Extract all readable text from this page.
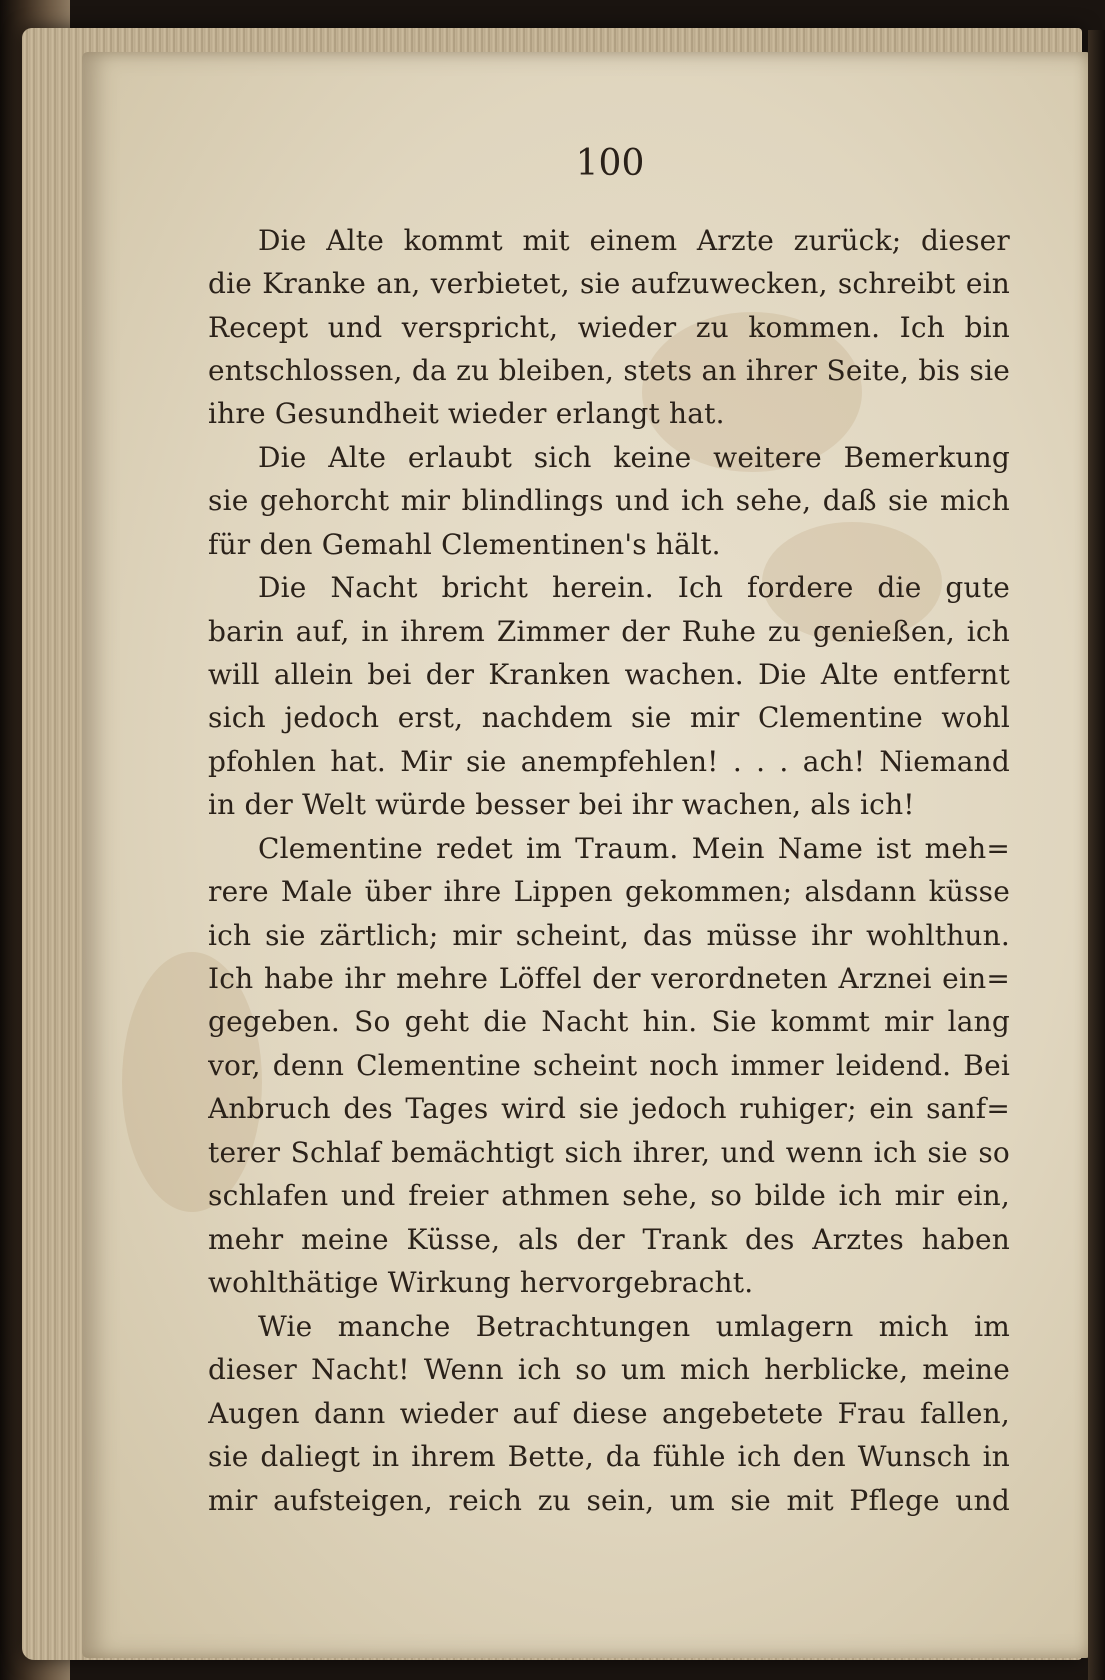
100
Die Alte kommt mit einem Arzte zurück; dieser
die Kranke an, verbietet, sie aufzuwecken, schreibt ein
Recept und verspricht, wieder zu kommen. Ich bin
entschlossen, da zu bleiben, stets an ihrer Seite, bis sie
ihre Gesundheit wieder erlangt hat.
Die Alte erlaubt sich keine weitere Bemerkung
sie gehorcht mir blindlings und ich sehe, daß sie mich
für den Gemahl Clementinen's hält.
Die Nacht bricht herein. Ich fordere die gute
barin auf, in ihrem Zimmer der Ruhe zu genießen, ich
will allein bei der Kranken wachen. Die Alte entfernt
sich jedoch erst, nachdem sie mir Clementine wohl
pfohlen hat. Mir sie anempfehlen! . . . ach! Niemand
in der Welt würde besser bei ihr wachen, als ich!
Clementine redet im Traum. Mein Name ist meh=
rere Male über ihre Lippen gekommen; alsdann küsse
ich sie zärtlich; mir scheint, das müsse ihr wohlthun.
Ich habe ihr mehre Löffel der verordneten Arznei ein=
gegeben. So geht die Nacht hin. Sie kommt mir lang
vor, denn Clementine scheint noch immer leidend. Bei
Anbruch des Tages wird sie jedoch ruhiger; ein sanf=
terer Schlaf bemächtigt sich ihrer, und wenn ich sie so
schlafen und freier athmen sehe, so bilde ich mir ein,
mehr meine Küsse, als der Trank des Arztes haben
wohlthätige Wirkung hervorgebracht.
Wie manche Betrachtungen umlagern mich im
dieser Nacht! Wenn ich so um mich herblicke, meine
Augen dann wieder auf diese angebetete Frau fallen,
sie daliegt in ihrem Bette, da fühle ich den Wunsch in
mir aufsteigen, reich zu sein, um sie mit Pflege und
